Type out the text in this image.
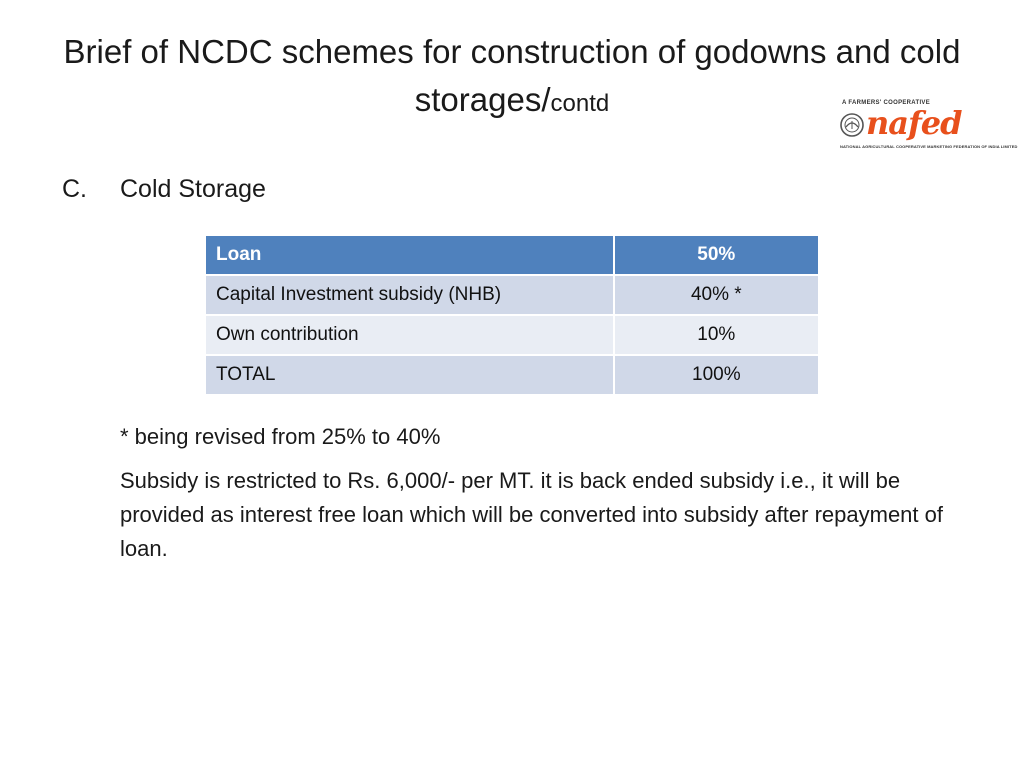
Brief of NCDC schemes for construction of godowns and cold storages/contd	A FARMERS' COOPERATIVE
nafed
NATIONAL AGRICULTURAL COOPERATIVE MARKETING FEDERATION OF INDIA LIMITED
C. Cold Storage
Loan	50%
Capital Investment subsidy (NHB)	40% *
Own contribution	10%
TOTAL	100%
* being revised from 25% to 40%
Subsidy is restricted to Rs. 6,000/- per MT. it is back ended subsidy i.e., it will be provided as interest free loan which will be converted into subsidy after repayment of loan.
